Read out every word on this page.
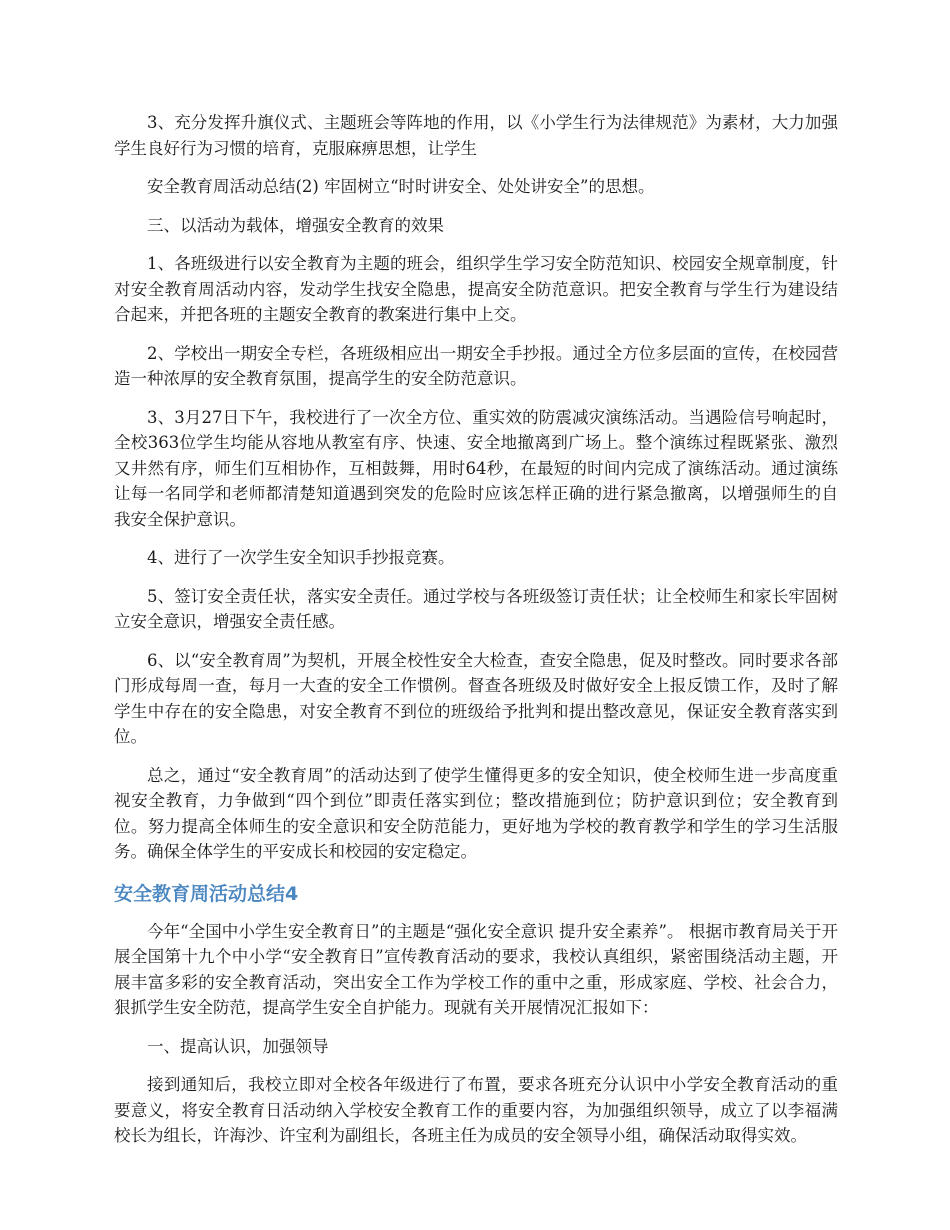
3、充分发挥升旗仪式、主题班会等阵地的作用，以《小学生行为法律规范》为素材，大力加强学生良好行为习惯的培育，克服麻痹思想，让学生

安全教育周活动总结(2) 牢固树立“时时讲安全、处处讲安全”的思想。

三、以活动为载体，增强安全教育的效果

1、各班级进行以安全教育为主题的班会，组织学生学习安全防范知识、校园安全规章制度，针对安全教育周活动内容，发动学生找安全隐患，提高安全防范意识。把安全教育与学生行为建设结合起来，并把各班的主题安全教育的教案进行集中上交。

2、学校出一期安全专栏，各班级相应出一期安全手抄报。通过全方位多层面的宣传，在校园营造一种浓厚的安全教育氛围，提高学生的安全防范意识。

3、3月27日下午，我校进行了一次全方位、重实效的防震减灾演练活动。当遇险信号响起时，全校363位学生均能从容地从教室有序、快速、安全地撤离到广场上。整个演练过程既紧张、激烈又井然有序，师生们互相协作，互相鼓舞，用时64秒，在最短的时间内完成了演练活动。通过演练让每一名同学和老师都清楚知道遇到突发的危险时应该怎样正确的进行紧急撤离，以增强师生的自我安全保护意识。

4、进行了一次学生安全知识手抄报竞赛。

5、签订安全责任状，落实安全责任。通过学校与各班级签订责任状；让全校师生和家长牢固树立安全意识，增强安全责任感。

6、以“安全教育周”为契机，开展全校性安全大检查，查安全隐患，促及时整改。同时要求各部门形成每周一查，每月一大查的安全工作惯例。督查各班级及时做好安全上报反馈工作，及时了解学生中存在的安全隐患，对安全教育不到位的班级给予批判和提出整改意见，保证安全教育落实到位。

总之，通过“安全教育周”的活动达到了使学生懂得更多的安全知识，使全校师生进一步高度重视安全教育，力争做到“四个到位”即责任落实到位；整改措施到位；防护意识到位；安全教育到位。努力提高全体师生的安全意识和安全防范能力，更好地为学校的教育教学和学生的学习生活服务。确保全体学生的平安成长和校园的安定稳定。

安全教育周活动总结4

今年“全国中小学生安全教育日”的主题是“强化安全意识 提升安全素养”。 根据市教育局关于开展全国第十九个中小学“安全教育日”宣传教育活动的要求，我校认真组织，紧密围绕活动主题，开展丰富多彩的安全教育活动，突出安全工作为学校工作的重中之重，形成家庭、学校、社会合力，狠抓学生安全防范，提高学生安全自护能力。现就有关开展情况汇报如下：

一、提高认识，加强领导

接到通知后，我校立即对全校各年级进行了布置，要求各班充分认识中小学安全教育活动的重要意义，将安全教育日活动纳入学校安全教育工作的重要内容，为加强组织领导，成立了以李福满校长为组长，许海沙、许宝利为副组长，各班主任为成员的安全领导小组，确保活动取得实效。
